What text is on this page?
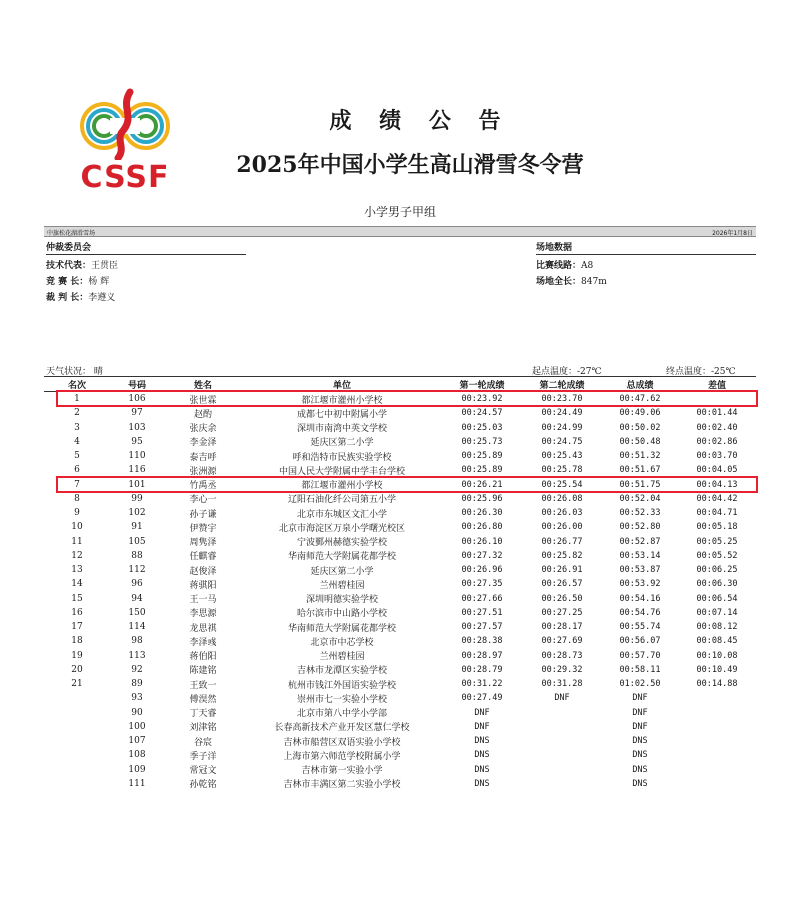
CSSF
成 绩 公 告
2025年中国小学生高山滑雪冬令营
小学男子甲组
中旗松花湖滑雪场	2026年1月8日
仲裁委员会
技术代表：王贯臣
竞 赛 长：杨 辉
裁 判 长：李遵义
场地数据
比赛线路：A8
场地全长：847m
天气状况： 晴	起点温度：-27℃	终点温度：-25℃
名次	号码	姓名	单位	第一轮成绩	第二轮成绩	总成绩	差值
1	106	张世霖	都江堰市灌州小学校	00:23.92	00:23.70	00:47.62	
2	97	赵酌	成都七中初中附属小学	00:24.57	00:24.49	00:49.06	00:01.44
3	103	张庆余	深圳市南湾中英文学校	00:25.03	00:24.99	00:50.02	00:02.40
4	95	李金泽	延庆区第二小学	00:25.73	00:24.75	00:50.48	00:02.86
5	110	泰吉呼	呼和浩特市民族实验学校	00:25.89	00:25.43	00:51.32	00:03.70
6	116	张洲源	中国人民大学附属中学丰台学校	00:25.89	00:25.78	00:51.67	00:04.05
7	101	竹禹丞	都江堰市灌州小学校	00:26.21	00:25.54	00:51.75	00:04.13
8	99	李心一	辽阳石油化纤公司第五小学	00:25.96	00:26.08	00:52.04	00:04.42
9	102	孙子谦	北京市东城区文汇小学	00:26.30	00:26.03	00:52.33	00:04.71
10	91	伊赞宇	北京市海淀区万泉小学曙光校区	00:26.80	00:26.00	00:52.80	00:05.18
11	105	周隽泽	宁波鄞州赫德实验学校	00:26.10	00:26.77	00:52.87	00:05.25
12	88	任麒睿	华南师范大学附属花都学校	00:27.32	00:25.82	00:53.14	00:05.52
13	112	赵俊泽	延庆区第二小学	00:26.96	00:26.91	00:53.87	00:06.25
14	96	蒋骐阳	兰州碧桂园	00:27.35	00:26.57	00:53.92	00:06.30
15	94	王一马	深圳明德实验学校	00:27.66	00:26.50	00:54.16	00:06.54
16	150	李思源	哈尔滨市中山路小学校	00:27.51	00:27.25	00:54.76	00:07.14
17	114	龙思祺	华南师范大学附属花都学校	00:27.57	00:28.17	00:55.74	00:08.12
18	98	李泽彧	北京市中芯学校	00:28.38	00:27.69	00:56.07	00:08.45
19	113	蒋伯阳	兰州碧桂园	00:28.97	00:28.73	00:57.70	00:10.08
20	92	陈建铭	吉林市龙潭区实验学校	00:28.79	00:29.32	00:58.11	00:10.49
21	89	王致一	杭州市钱江外国语实验学校	00:31.22	00:31.28	01:02.50	00:14.88
	93	傅淏然	崇州市七一实验小学校	00:27.49	DNF	DNF	
	90	丁天睿	北京市第八中学小学部	DNF		DNF	
	100	刘津铭	长春高新技术产业开发区慧仁学校	DNF		DNF	
	107	谷宸	吉林市船营区双语实验小学校	DNS		DNS	
	108	季子洋	上海市第六师范学校附属小学	DNS		DNS	
	109	常冠文	吉林市第一实验小学	DNS		DNS	
	111	孙乾铭	吉林市丰满区第二实验小学校	DNS		DNS	
